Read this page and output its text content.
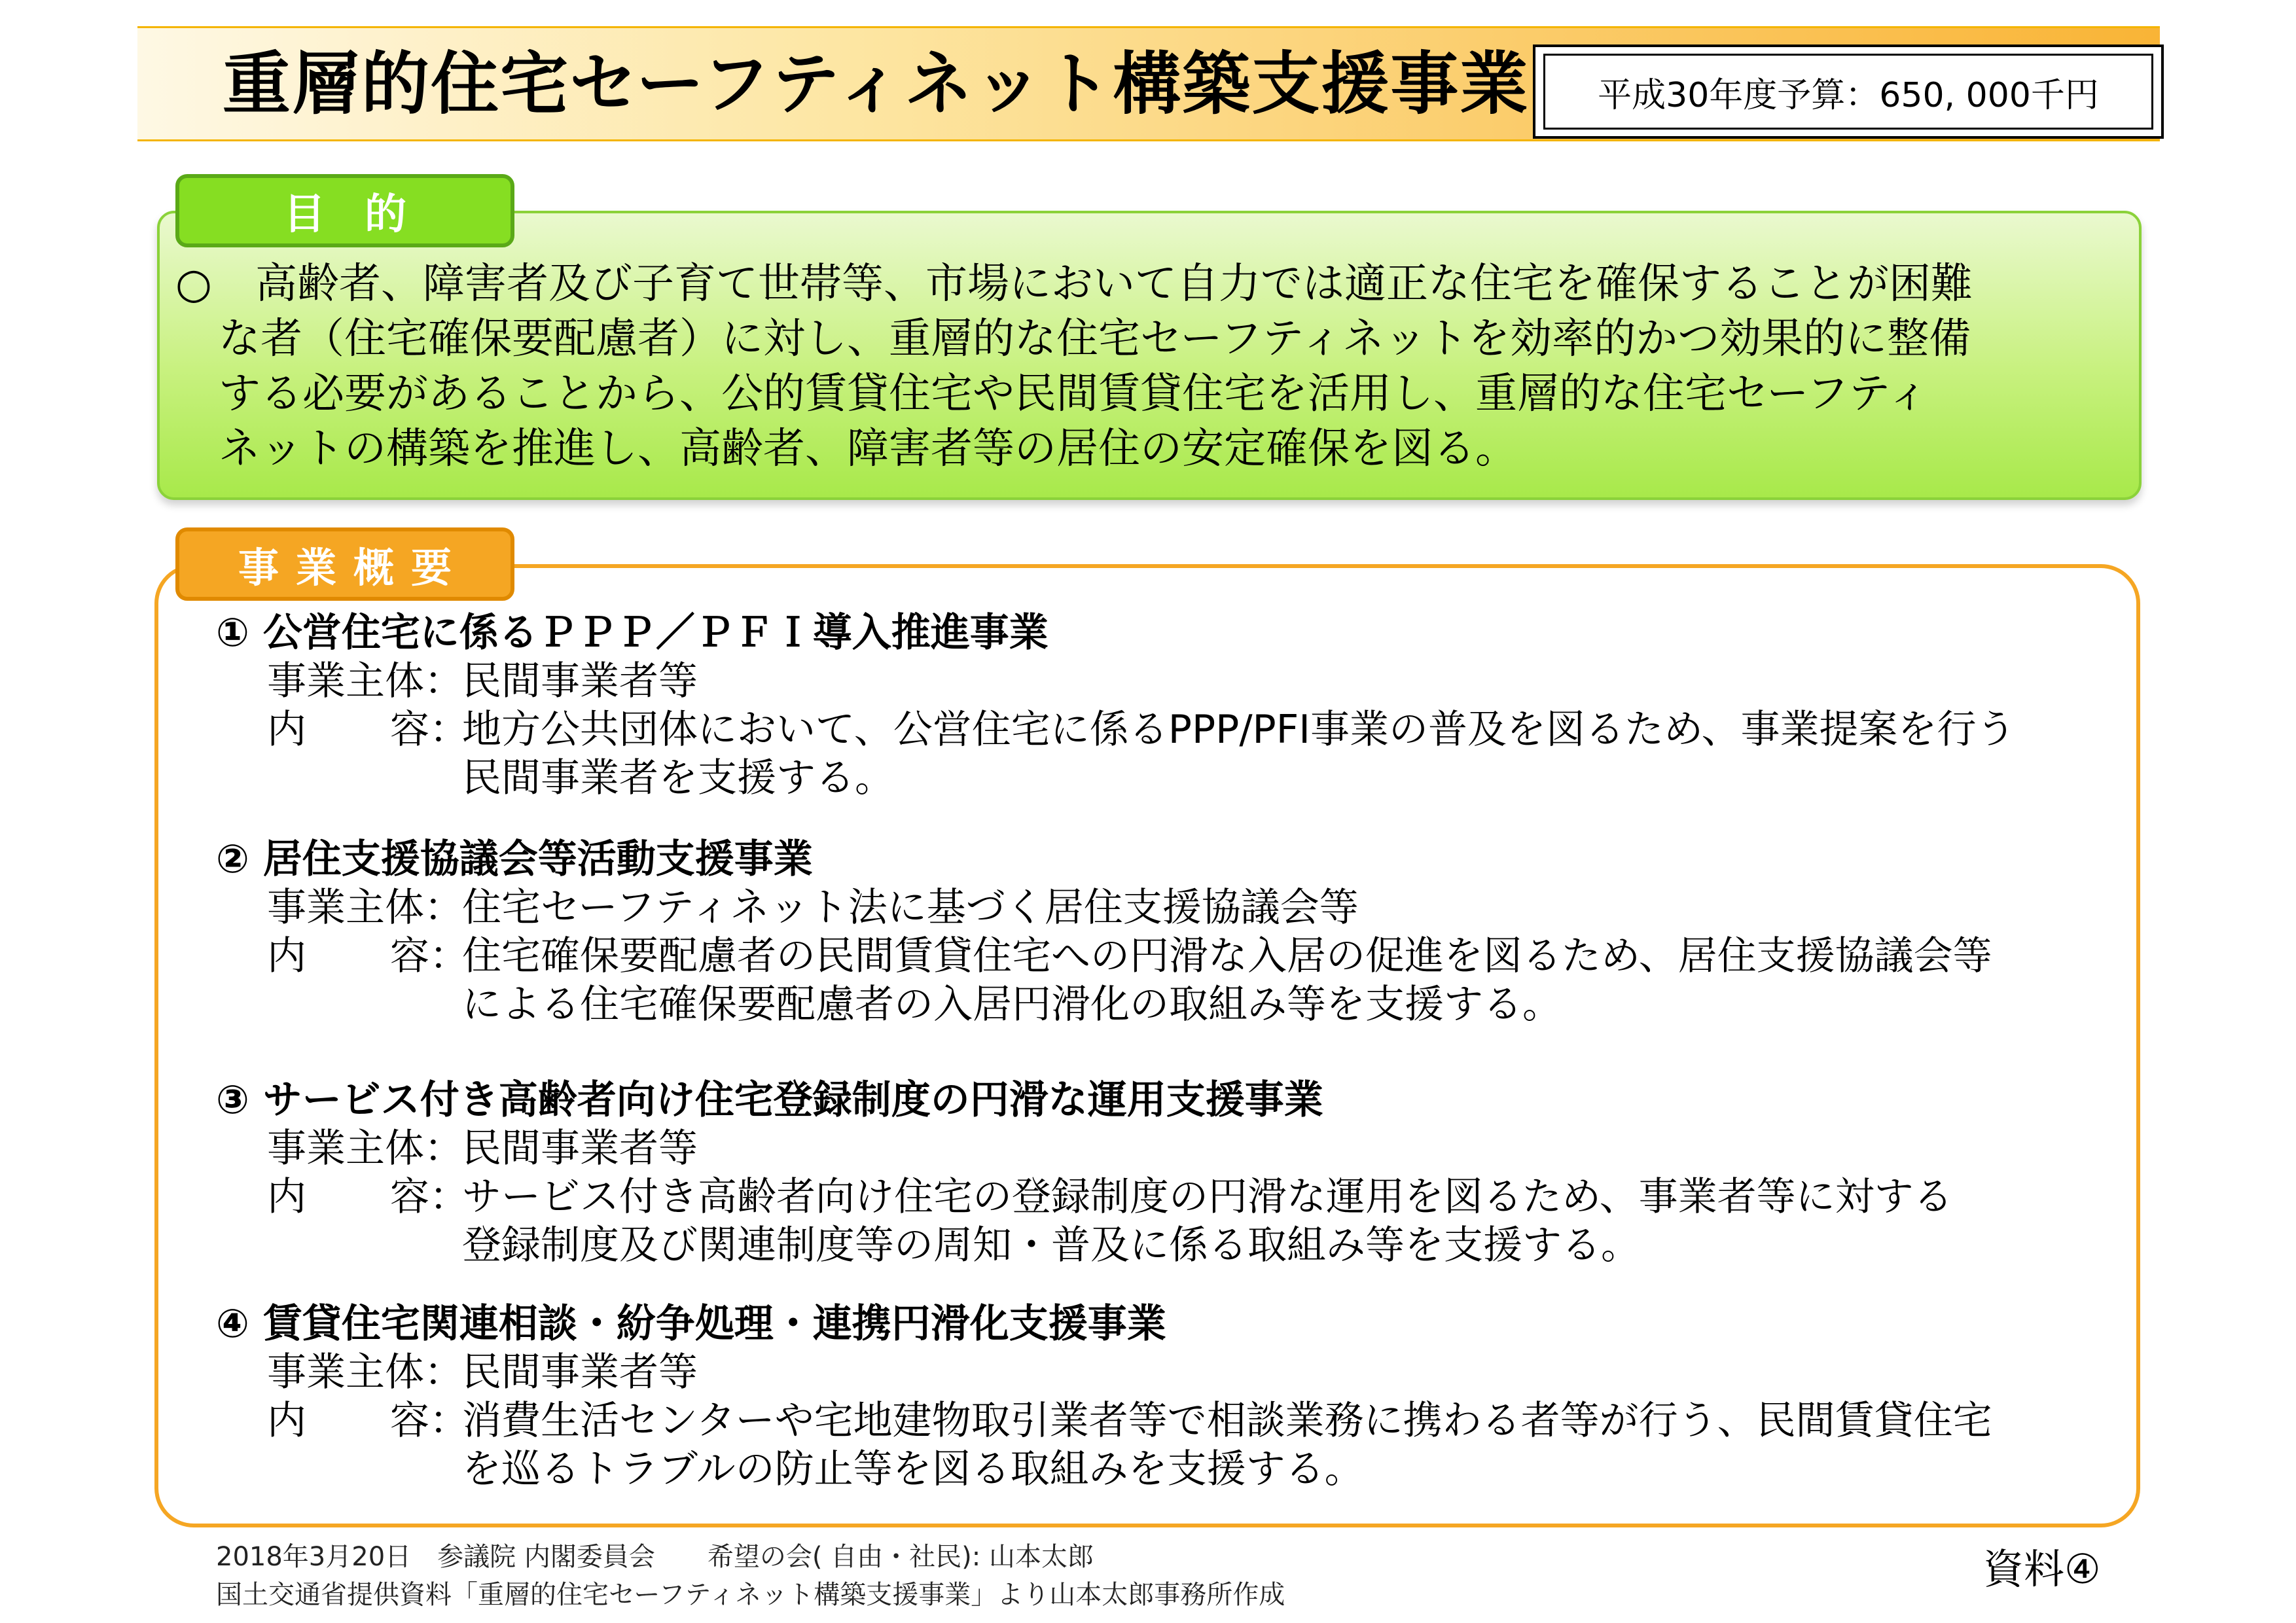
重層的住宅セーフティネット構築支援事業	平成30年度予算：650, 000千円
目的
○ 高齢者、障害者及び子育て世帯等、市場において自力では適正な住宅を確保することが困難
な者（住宅確保要配慮者）に対し、重層的な住宅セーフティネットを効率的かつ効果的に整備
する必要があることから、公的賃貸住宅や民間賃貸住宅を活用し、重層的な住宅セーフティ
ネットの構築を推進し、高齢者、障害者等の居住の安定確保を図る。
事業概要
① 公営住宅に係るＰＰＰ／ＰＦＩ導入推進事業
事業主体：
民間事業者等
内 容：
地方公共団体において、公営住宅に係るPPP/PFI事業の普及を図るため、事業提案を行う
民間事業者を支援する。
② 居住支援協議会等活動支援事業
事業主体：
住宅セーフティネット法に基づく居住支援協議会等
内 容：
住宅確保要配慮者の民間賃貸住宅への円滑な入居の促進を図るため、居住支援協議会等
による住宅確保要配慮者の入居円滑化の取組み等を支援する。
③ サービス付き高齢者向け住宅登録制度の円滑な運用支援事業
事業主体：
民間事業者等
内 容：
サービス付き高齢者向け住宅の登録制度の円滑な運用を図るため、事業者等に対する
登録制度及び関連制度等の周知・普及に係る取組み等を支援する。
④ 賃貸住宅関連相談・紛争処理・連携円滑化支援事業
事業主体：
民間事業者等
内 容：
消費生活センターや宅地建物取引業者等で相談業務に携わる者等が行う、民間賃貸住宅
を巡るトラブルの防止等を図る取組みを支援する。
2018年3月20日　参議院 内閣委員会　　希望の会( 自由・社民): 山本太郎
国土交通省提供資料「重層的住宅セーフティネット構築支援事業」より山本太郎事務所作成
資料④
